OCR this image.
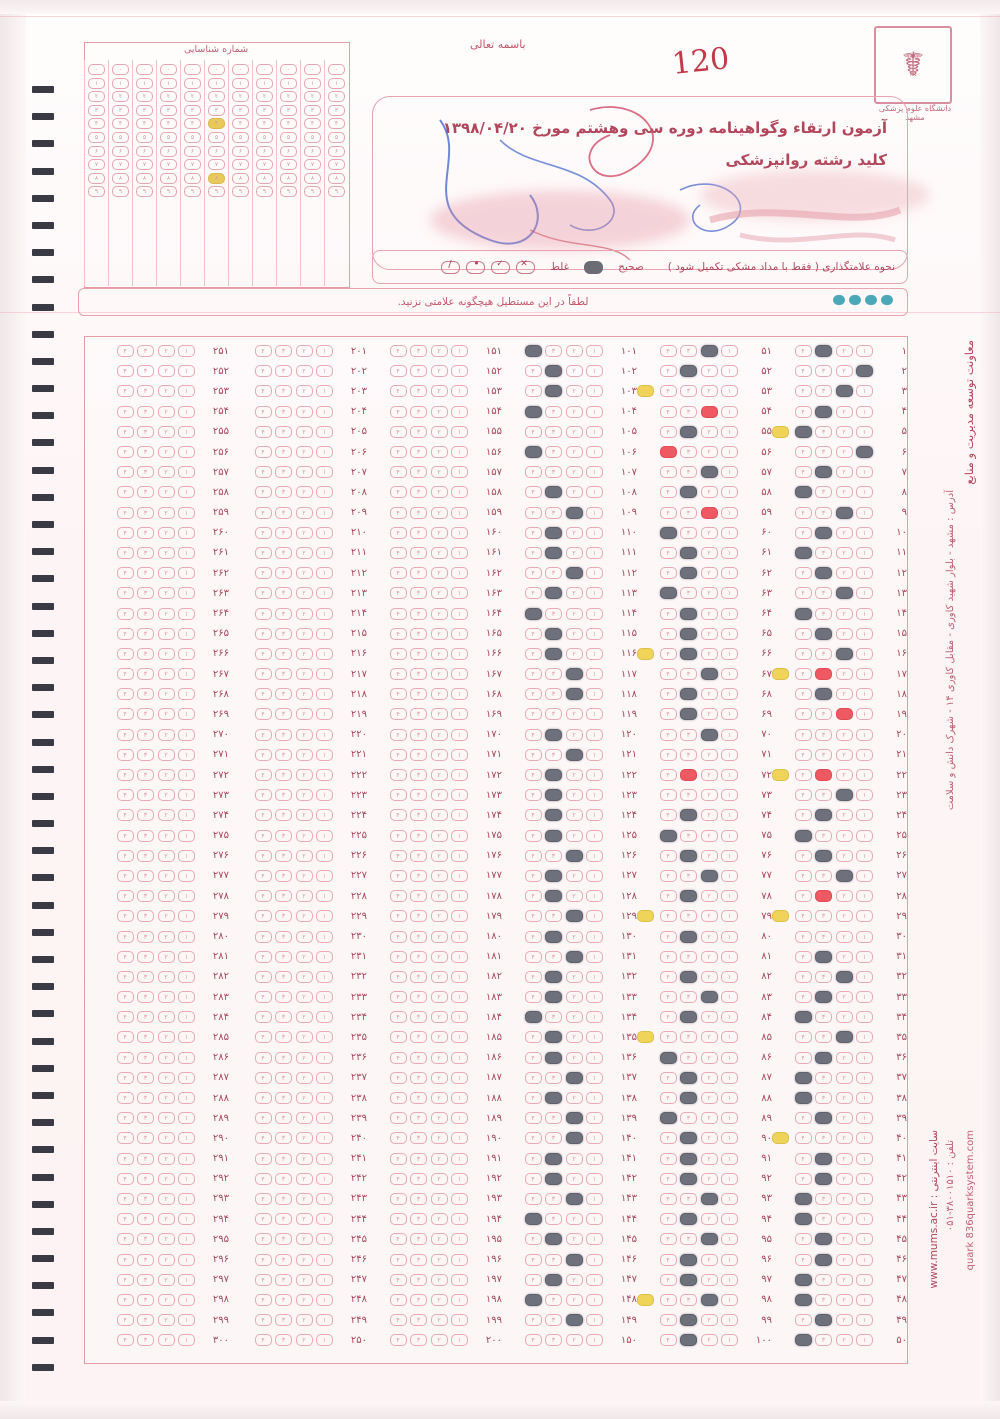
باسمه تعالی
☤
دانشگاه علوم پزشکی مشهد
120
آزمون ارتقاء وگواهینامه دوره سی وهشتم مورخ ۱۳۹۸/۰۴/۲۰
کلید رشته روانپزشکی
نحوه علامتگذاری ( فقط با مداد مشکی تکمیل شود )
صحیح
غلط
✕
✓
•
/
لطفاً در این مستطیل هیچگونه علامتی نزنید.
شماره شناسایی
۰
۱
۲
۳
۴
۵
۶
۷
۸
۹
۰
۱
۲
۳
۴
۵
۶
۷
۸
۹
۰
۱
۲
۳
۴
۵
۶
۷
۸
۹
۰
۱
۲
۳
۴
۵
۶
۷
۸
۹
۰
۱
۲
۳
۴
۵
۶
۷
۸
۹
۰
۱
۲
۳
۴
۵
۶
۷
۸
۹
۰
۱
۲
۳
۴
۵
۶
۷
۸
۹
۰
۱
۲
۳
۴
۵
۶
۷
۸
۹
۰
۱
۲
۳
۴
۵
۶
۷
۸
۹
۰
۱
۲
۳
۴
۵
۶
۷
۸
۹
۰
۱
۲
۳
۴
۵
۶
۷
۸
۹
۱
۱
۲
۴
۲
۲
۳
۴
۳
۱
۳
۴
۴
۱
۲
۴
۵
۱
۲
۳
۶
۲
۳
۴
۷
۱
۲
۴
۸
۱
۲
۳
۹
۱
۳
۴
۱۰
۱
۲
۴
۱۱
۱
۲
۳
۱۲
۱
۲
۴
۱۳
۱
۳
۴
۱۴
۱
۲
۳
۱۵
۱
۲
۴
۱۶
۱
۳
۴
۱۷
۱
۲
۴
۱۸
۱
۲
۴
۱۹
۱
۳
۴
۲۰
۱
۲
۳
۴
۲۱
۱
۲
۳
۴
۲۲
۱
۲
۴
۲۳
۱
۳
۴
۲۴
۱
۲
۴
۲۵
۱
۲
۳
۲۶
۱
۲
۴
۲۷
۱
۳
۴
۲۸
۱
۲
۴
۲۹
۱
۲
۳
۴
۳۰
۱
۲
۳
۴
۳۱
۱
۲
۴
۳۲
۱
۳
۴
۳۳
۱
۲
۴
۳۴
۱
۲
۳
۳۵
۱
۳
۴
۳۶
۱
۲
۴
۳۷
۱
۲
۳
۳۸
۱
۲
۳
۳۹
۱
۲
۴
۴۰
۱
۲
۳
۴
۴۱
۱
۲
۴
۴۲
۱
۲
۴
۴۳
۱
۲
۳
۴۴
۱
۲
۳
۴۵
۱
۲
۴
۴۶
۱
۲
۴
۴۷
۱
۲
۳
۴۸
۱
۲
۳
۴۹
۱
۲
۴
۵۰
۱
۲
۳
۵۱
۱
۳
۴
۵۲
۱
۲
۴
۵۳
۱
۲
۳
۴
۵۴
۱
۳
۴
۵۵
۱
۲
۴
۵۶
۱
۲
۳
۵۷
۱
۳
۴
۵۸
۱
۲
۴
۵۹
۱
۳
۴
۶۰
۱
۲
۳
۶۱
۱
۲
۴
۶۲
۱
۲
۴
۶۳
۱
۲
۳
۶۴
۱
۲
۴
۶۵
۱
۲
۴
۶۶
۱
۲
۴
۶۷
۱
۳
۴
۶۸
۱
۲
۴
۶۹
۱
۲
۴
۷۰
۱
۳
۴
۷۱
۱
۲
۳
۴
۷۲
۱
۲
۴
۷۳
۱
۲
۳
۴
۷۴
۱
۲
۴
۷۵
۱
۲
۳
۷۶
۱
۲
۴
۷۷
۱
۳
۴
۷۸
۱
۲
۴
۷۹
۱
۲
۳
۴
۸۰
۱
۲
۴
۸۱
۱
۲
۳
۴
۸۲
۱
۲
۴
۸۳
۱
۳
۴
۸۴
۱
۲
۴
۸۵
۱
۲
۳
۴
۸۶
۱
۲
۳
۸۷
۱
۲
۴
۸۸
۱
۲
۴
۸۹
۱
۲
۳
۹۰
۱
۲
۴
۹۱
۱
۲
۴
۹۲
۱
۲
۴
۹۳
۱
۳
۴
۹۴
۱
۲
۴
۹۵
۱
۳
۴
۹۶
۱
۲
۴
۹۷
۱
۲
۴
۹۸
۱
۳
۴
۹۹
۱
۲
۴
۱۰۰
۱
۲
۴
۱۰۱
۱
۲
۳
۱۰۲
۱
۲
۴
۱۰۳
۱
۲
۴
۱۰۴
۱
۲
۳
۱۰۵
۱
۲
۳
۴
۱۰۶
۱
۲
۳
۱۰۷
۱
۲
۳
۴
۱۰۸
۱
۲
۴
۱۰۹
۱
۳
۴
۱۱۰
۱
۲
۴
۱۱۱
۱
۲
۴
۱۱۲
۱
۳
۴
۱۱۳
۱
۲
۴
۱۱۴
۱
۲
۳
۱۱۵
۱
۲
۴
۱۱۶
۱
۲
۴
۱۱۷
۱
۳
۴
۱۱۸
۱
۳
۴
۱۱۹
۱
۲
۳
۴
۱۲۰
۱
۲
۴
۱۲۱
۱
۳
۴
۱۲۲
۱
۲
۴
۱۲۳
۱
۲
۴
۱۲۴
۱
۲
۴
۱۲۵
۱
۲
۴
۱۲۶
۱
۳
۴
۱۲۷
۱
۲
۴
۱۲۸
۱
۲
۴
۱۲۹
۱
۳
۴
۱۳۰
۱
۲
۴
۱۳۱
۱
۳
۴
۱۳۲
۱
۲
۴
۱۳۳
۱
۲
۴
۱۳۴
۱
۲
۳
۱۳۵
۱
۲
۴
۱۳۶
۱
۲
۴
۱۳۷
۱
۳
۴
۱۳۸
۱
۲
۴
۱۳۹
۱
۳
۴
۱۴۰
۱
۳
۴
۱۴۱
۱
۲
۴
۱۴۲
۱
۲
۴
۱۴۳
۱
۳
۴
۱۴۴
۱
۲
۳
۱۴۵
۱
۲
۴
۱۴۶
۱
۳
۴
۱۴۷
۱
۲
۴
۱۴۸
۱
۲
۳
۱۴۹
۱
۳
۴
۱۵۰
۱
۲
۳
۴
۱۵۱
۱
۲
۳
۴
۱۵۲
۱
۲
۳
۴
۱۵۳
۱
۲
۳
۴
۱۵۴
۱
۲
۳
۴
۱۵۵
۱
۲
۳
۴
۱۵۶
۱
۲
۳
۴
۱۵۷
۱
۲
۳
۴
۱۵۸
۱
۲
۳
۴
۱۵۹
۱
۲
۳
۴
۱۶۰
۱
۲
۳
۴
۱۶۱
۱
۲
۳
۴
۱۶۲
۱
۲
۳
۴
۱۶۳
۱
۲
۳
۴
۱۶۴
۱
۲
۳
۴
۱۶۵
۱
۲
۳
۴
۱۶۶
۱
۲
۳
۴
۱۶۷
۱
۲
۳
۴
۱۶۸
۱
۲
۳
۴
۱۶۹
۱
۲
۳
۴
۱۷۰
۱
۲
۳
۴
۱۷۱
۱
۲
۳
۴
۱۷۲
۱
۲
۳
۴
۱۷۳
۱
۲
۳
۴
۱۷۴
۱
۲
۳
۴
۱۷۵
۱
۲
۳
۴
۱۷۶
۱
۲
۳
۴
۱۷۷
۱
۲
۳
۴
۱۷۸
۱
۲
۳
۴
۱۷۹
۱
۲
۳
۴
۱۸۰
۱
۲
۳
۴
۱۸۱
۱
۲
۳
۴
۱۸۲
۱
۲
۳
۴
۱۸۳
۱
۲
۳
۴
۱۸۴
۱
۲
۳
۴
۱۸۵
۱
۲
۳
۴
۱۸۶
۱
۲
۳
۴
۱۸۷
۱
۲
۳
۴
۱۸۸
۱
۲
۳
۴
۱۸۹
۱
۲
۳
۴
۱۹۰
۱
۲
۳
۴
۱۹۱
۱
۲
۳
۴
۱۹۲
۱
۲
۳
۴
۱۹۳
۱
۲
۳
۴
۱۹۴
۱
۲
۳
۴
۱۹۵
۱
۲
۳
۴
۱۹۶
۱
۲
۳
۴
۱۹۷
۱
۲
۳
۴
۱۹۸
۱
۲
۳
۴
۱۹۹
۱
۲
۳
۴
۲۰۰
۱
۲
۳
۴
۲۰۱
۱
۲
۳
۴
۲۰۲
۱
۲
۳
۴
۲۰۳
۱
۲
۳
۴
۲۰۴
۱
۲
۳
۴
۲۰۵
۱
۲
۳
۴
۲۰۶
۱
۲
۳
۴
۲۰۷
۱
۲
۳
۴
۲۰۸
۱
۲
۳
۴
۲۰۹
۱
۲
۳
۴
۲۱۰
۱
۲
۳
۴
۲۱۱
۱
۲
۳
۴
۲۱۲
۱
۲
۳
۴
۲۱۳
۱
۲
۳
۴
۲۱۴
۱
۲
۳
۴
۲۱۵
۱
۲
۳
۴
۲۱۶
۱
۲
۳
۴
۲۱۷
۱
۲
۳
۴
۲۱۸
۱
۲
۳
۴
۲۱۹
۱
۲
۳
۴
۲۲۰
۱
۲
۳
۴
۲۲۱
۱
۲
۳
۴
۲۲۲
۱
۲
۳
۴
۲۲۳
۱
۲
۳
۴
۲۲۴
۱
۲
۳
۴
۲۲۵
۱
۲
۳
۴
۲۲۶
۱
۲
۳
۴
۲۲۷
۱
۲
۳
۴
۲۲۸
۱
۲
۳
۴
۲۲۹
۱
۲
۳
۴
۲۳۰
۱
۲
۳
۴
۲۳۱
۱
۲
۳
۴
۲۳۲
۱
۲
۳
۴
۲۳۳
۱
۲
۳
۴
۲۳۴
۱
۲
۳
۴
۲۳۵
۱
۲
۳
۴
۲۳۶
۱
۲
۳
۴
۲۳۷
۱
۲
۳
۴
۲۳۸
۱
۲
۳
۴
۲۳۹
۱
۲
۳
۴
۲۴۰
۱
۲
۳
۴
۲۴۱
۱
۲
۳
۴
۲۴۲
۱
۲
۳
۴
۲۴۳
۱
۲
۳
۴
۲۴۴
۱
۲
۳
۴
۲۴۵
۱
۲
۳
۴
۲۴۶
۱
۲
۳
۴
۲۴۷
۱
۲
۳
۴
۲۴۸
۱
۲
۳
۴
۲۴۹
۱
۲
۳
۴
۲۵۰
۱
۲
۳
۴
۲۵۱
۱
۲
۳
۴
۲۵۲
۱
۲
۳
۴
۲۵۳
۱
۲
۳
۴
۲۵۴
۱
۲
۳
۴
۲۵۵
۱
۲
۳
۴
۲۵۶
۱
۲
۳
۴
۲۵۷
۱
۲
۳
۴
۲۵۸
۱
۲
۳
۴
۲۵۹
۱
۲
۳
۴
۲۶۰
۱
۲
۳
۴
۲۶۱
۱
۲
۳
۴
۲۶۲
۱
۲
۳
۴
۲۶۳
۱
۲
۳
۴
۲۶۴
۱
۲
۳
۴
۲۶۵
۱
۲
۳
۴
۲۶۶
۱
۲
۳
۴
۲۶۷
۱
۲
۳
۴
۲۶۸
۱
۲
۳
۴
۲۶۹
۱
۲
۳
۴
۲۷۰
۱
۲
۳
۴
۲۷۱
۱
۲
۳
۴
۲۷۲
۱
۲
۳
۴
۲۷۳
۱
۲
۳
۴
۲۷۴
۱
۲
۳
۴
۲۷۵
۱
۲
۳
۴
۲۷۶
۱
۲
۳
۴
۲۷۷
۱
۲
۳
۴
۲۷۸
۱
۲
۳
۴
۲۷۹
۱
۲
۳
۴
۲۸۰
۱
۲
۳
۴
۲۸۱
۱
۲
۳
۴
۲۸۲
۱
۲
۳
۴
۲۸۳
۱
۲
۳
۴
۲۸۴
۱
۲
۳
۴
۲۸۵
۱
۲
۳
۴
۲۸۶
۱
۲
۳
۴
۲۸۷
۱
۲
۳
۴
۲۸۸
۱
۲
۳
۴
۲۸۹
۱
۲
۳
۴
۲۹۰
۱
۲
۳
۴
۲۹۱
۱
۲
۳
۴
۲۹۲
۱
۲
۳
۴
۲۹۳
۱
۲
۳
۴
۲۹۴
۱
۲
۳
۴
۲۹۵
۱
۲
۳
۴
۲۹۶
۱
۲
۳
۴
۲۹۷
۱
۲
۳
۴
۲۹۸
۱
۲
۳
۴
۲۹۹
۱
۲
۳
۴
۳۰۰
۱
۲
۳
۴
معاونت توسعه مدیریت و منابع
آدرس : مشهد - بلوار شهید کاوری - مقابل کاوری ۱۴ - شهرک دانش و سلامت
تلفن : ۳۸۰۰۱۵۱۰-۰۵۱
سایت اینترنتی : www.mums.ac.ir	quark 836quarksystem.com
